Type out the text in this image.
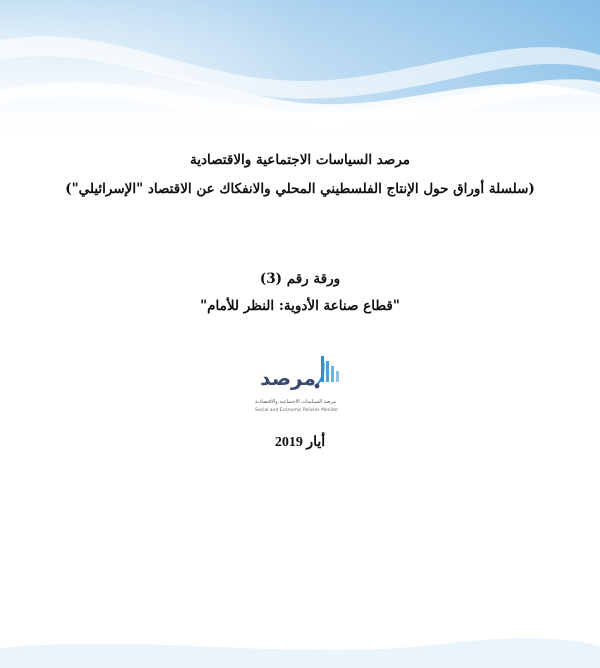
مرصد السياسات الاجتماعية والاقتصادية
(سلسلة أوراق حول الإنتاج الفلسطيني المحلي والانفكاك عن الاقتصاد "الإسرائيلي")
ورقة رقم (3)
"قطاع صناعة الأدوية: النظر للأمام"
مرصد
مرصد السياسات الاجتماعية والاقتصادية
Social and Economic Policies Monitor
أيار 2019
